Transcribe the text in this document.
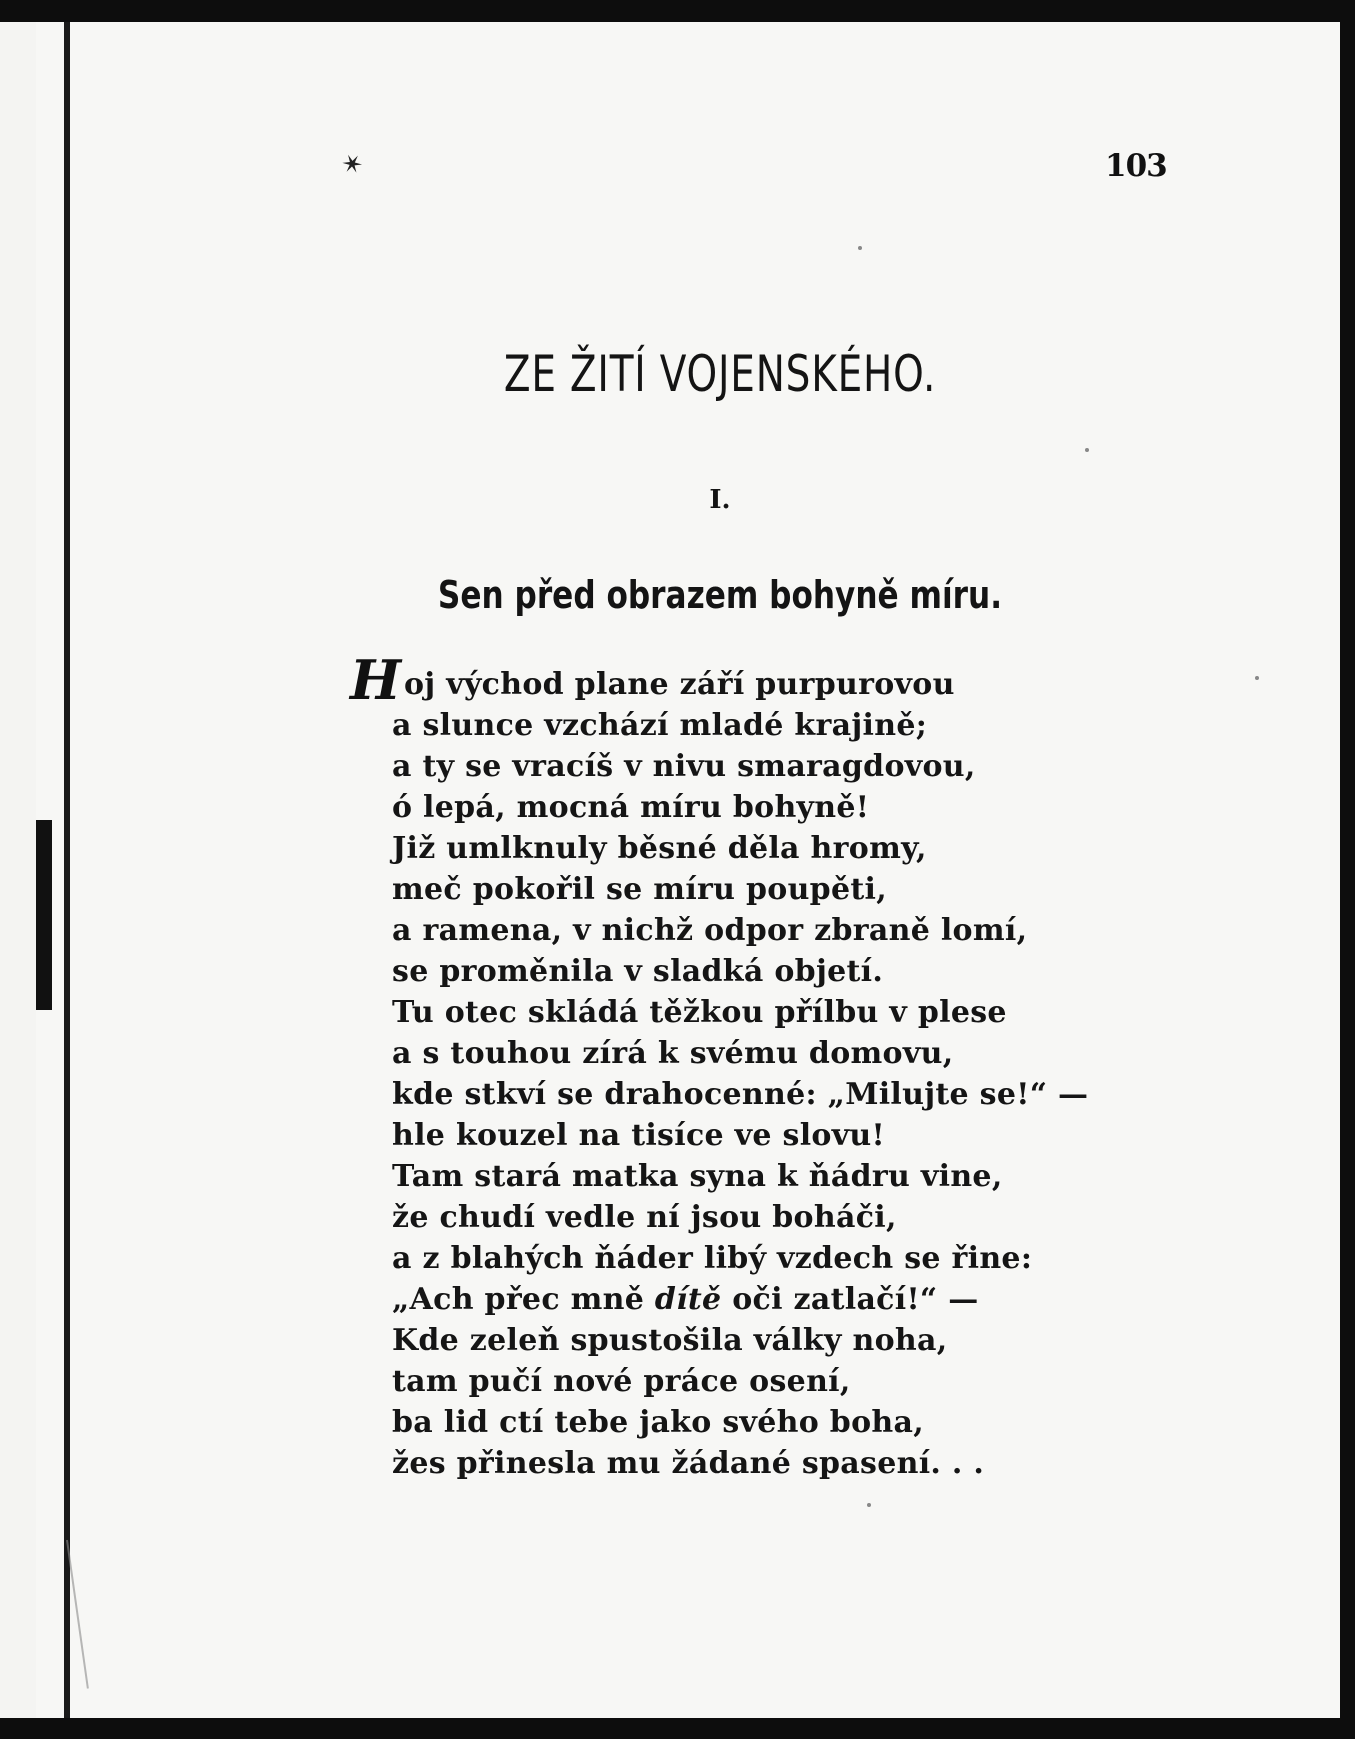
✶	103
ZE ŽITÍ VOJENSKÉHO.
I.
Sen před obrazem bohyně míru.
H oj východ plane září purpurovou
a slunce vzchází mladé krajině;
a ty se vracíš v nivu smaragdovou,
ó lepá, mocná míru bohyně!
Již umlknuly běsné děla hromy,
meč pokořil se míru poupěti,
a ramena, v nichž odpor zbraně lomí,
se proměnila v sladká objetí.
Tu otec skládá těžkou přílbu v plese
a s touhou zírá k svému domovu,
kde stkví se drahocenné: „Milujte se!“ —
hle kouzel na tisíce ve slovu!
Tam stará matka syna k ňádru vine,
že chudí vedle ní jsou boháči,
a z blahých ňáder libý vzdech se řine:
„Ach přec mně dítě oči zatlačí!“ —
Kde zeleň spustošila války noha,
tam pučí nové práce osení,
ba lid ctí tebe jako svého boha,
žes přinesla mu žádané spasení. . .
